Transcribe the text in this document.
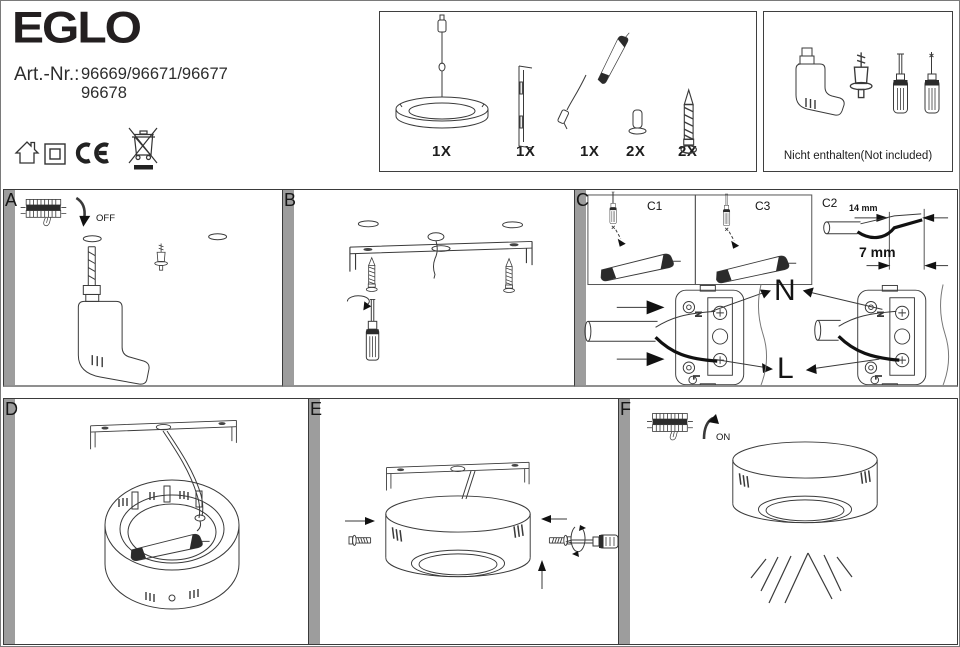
EGLO
Art.-Nr.: 96669/96671/96677
96678
1X	1X	1X 2X 2X	Nicht enthalten(Not included)
A
OFF
B	C	C1	C3	C2 14 mm
7 mm
N
L
N
L
N
L
D	E	F
ON
